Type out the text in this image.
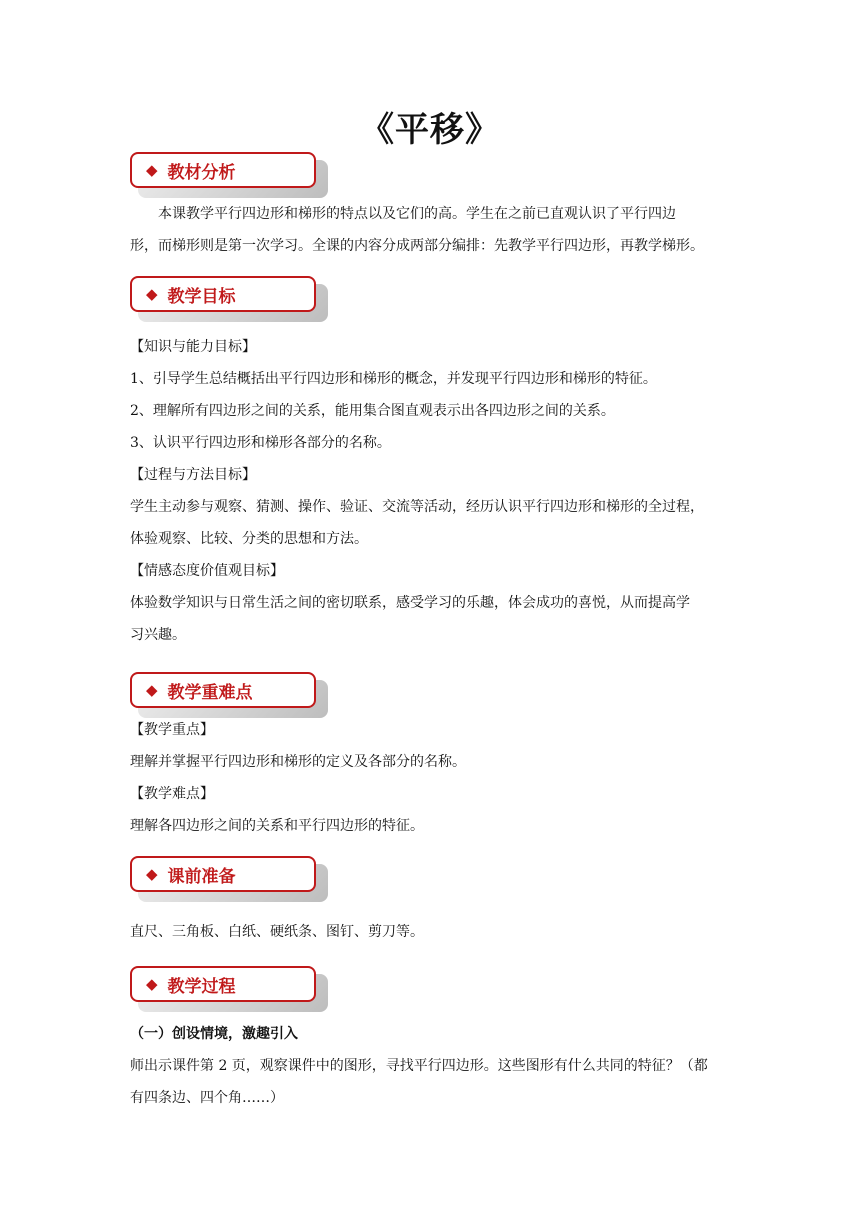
《平移》
◆ 教材分析
本课教学平行四边形和梯形的特点以及它们的高。学生在之前已直观认识了平行四边
形，而梯形则是第一次学习。全课的内容分成两部分编排：先教学平行四边形，再教学梯形。
◆ 教学目标
【知识与能力目标】
1、引导学生总结概括出平行四边形和梯形的概念，并发现平行四边形和梯形的特征。
2、理解所有四边形之间的关系，能用集合图直观表示出各四边形之间的关系。
3、认识平行四边形和梯形各部分的名称。
【过程与方法目标】
学生主动参与观察、猜测、操作、验证、交流等活动，经历认识平行四边形和梯形的全过程，
体验观察、比较、分类的思想和方法。
【情感态度价值观目标】
体验数学知识与日常生活之间的密切联系，感受学习的乐趣，体会成功的喜悦，从而提高学
习兴趣。
◆ 教学重难点
【教学重点】
理解并掌握平行四边形和梯形的定义及各部分的名称。
【教学难点】
理解各四边形之间的关系和平行四边形的特征。
◆ 课前准备
直尺、三角板、白纸、硬纸条、图钉、剪刀等。
◆ 教学过程
（一）创设情境，激趣引入
师出示课件第 2 页，观察课件中的图形，寻找平行四边形。这些图形有什么共同的特征？（都
有四条边、四个角……）
